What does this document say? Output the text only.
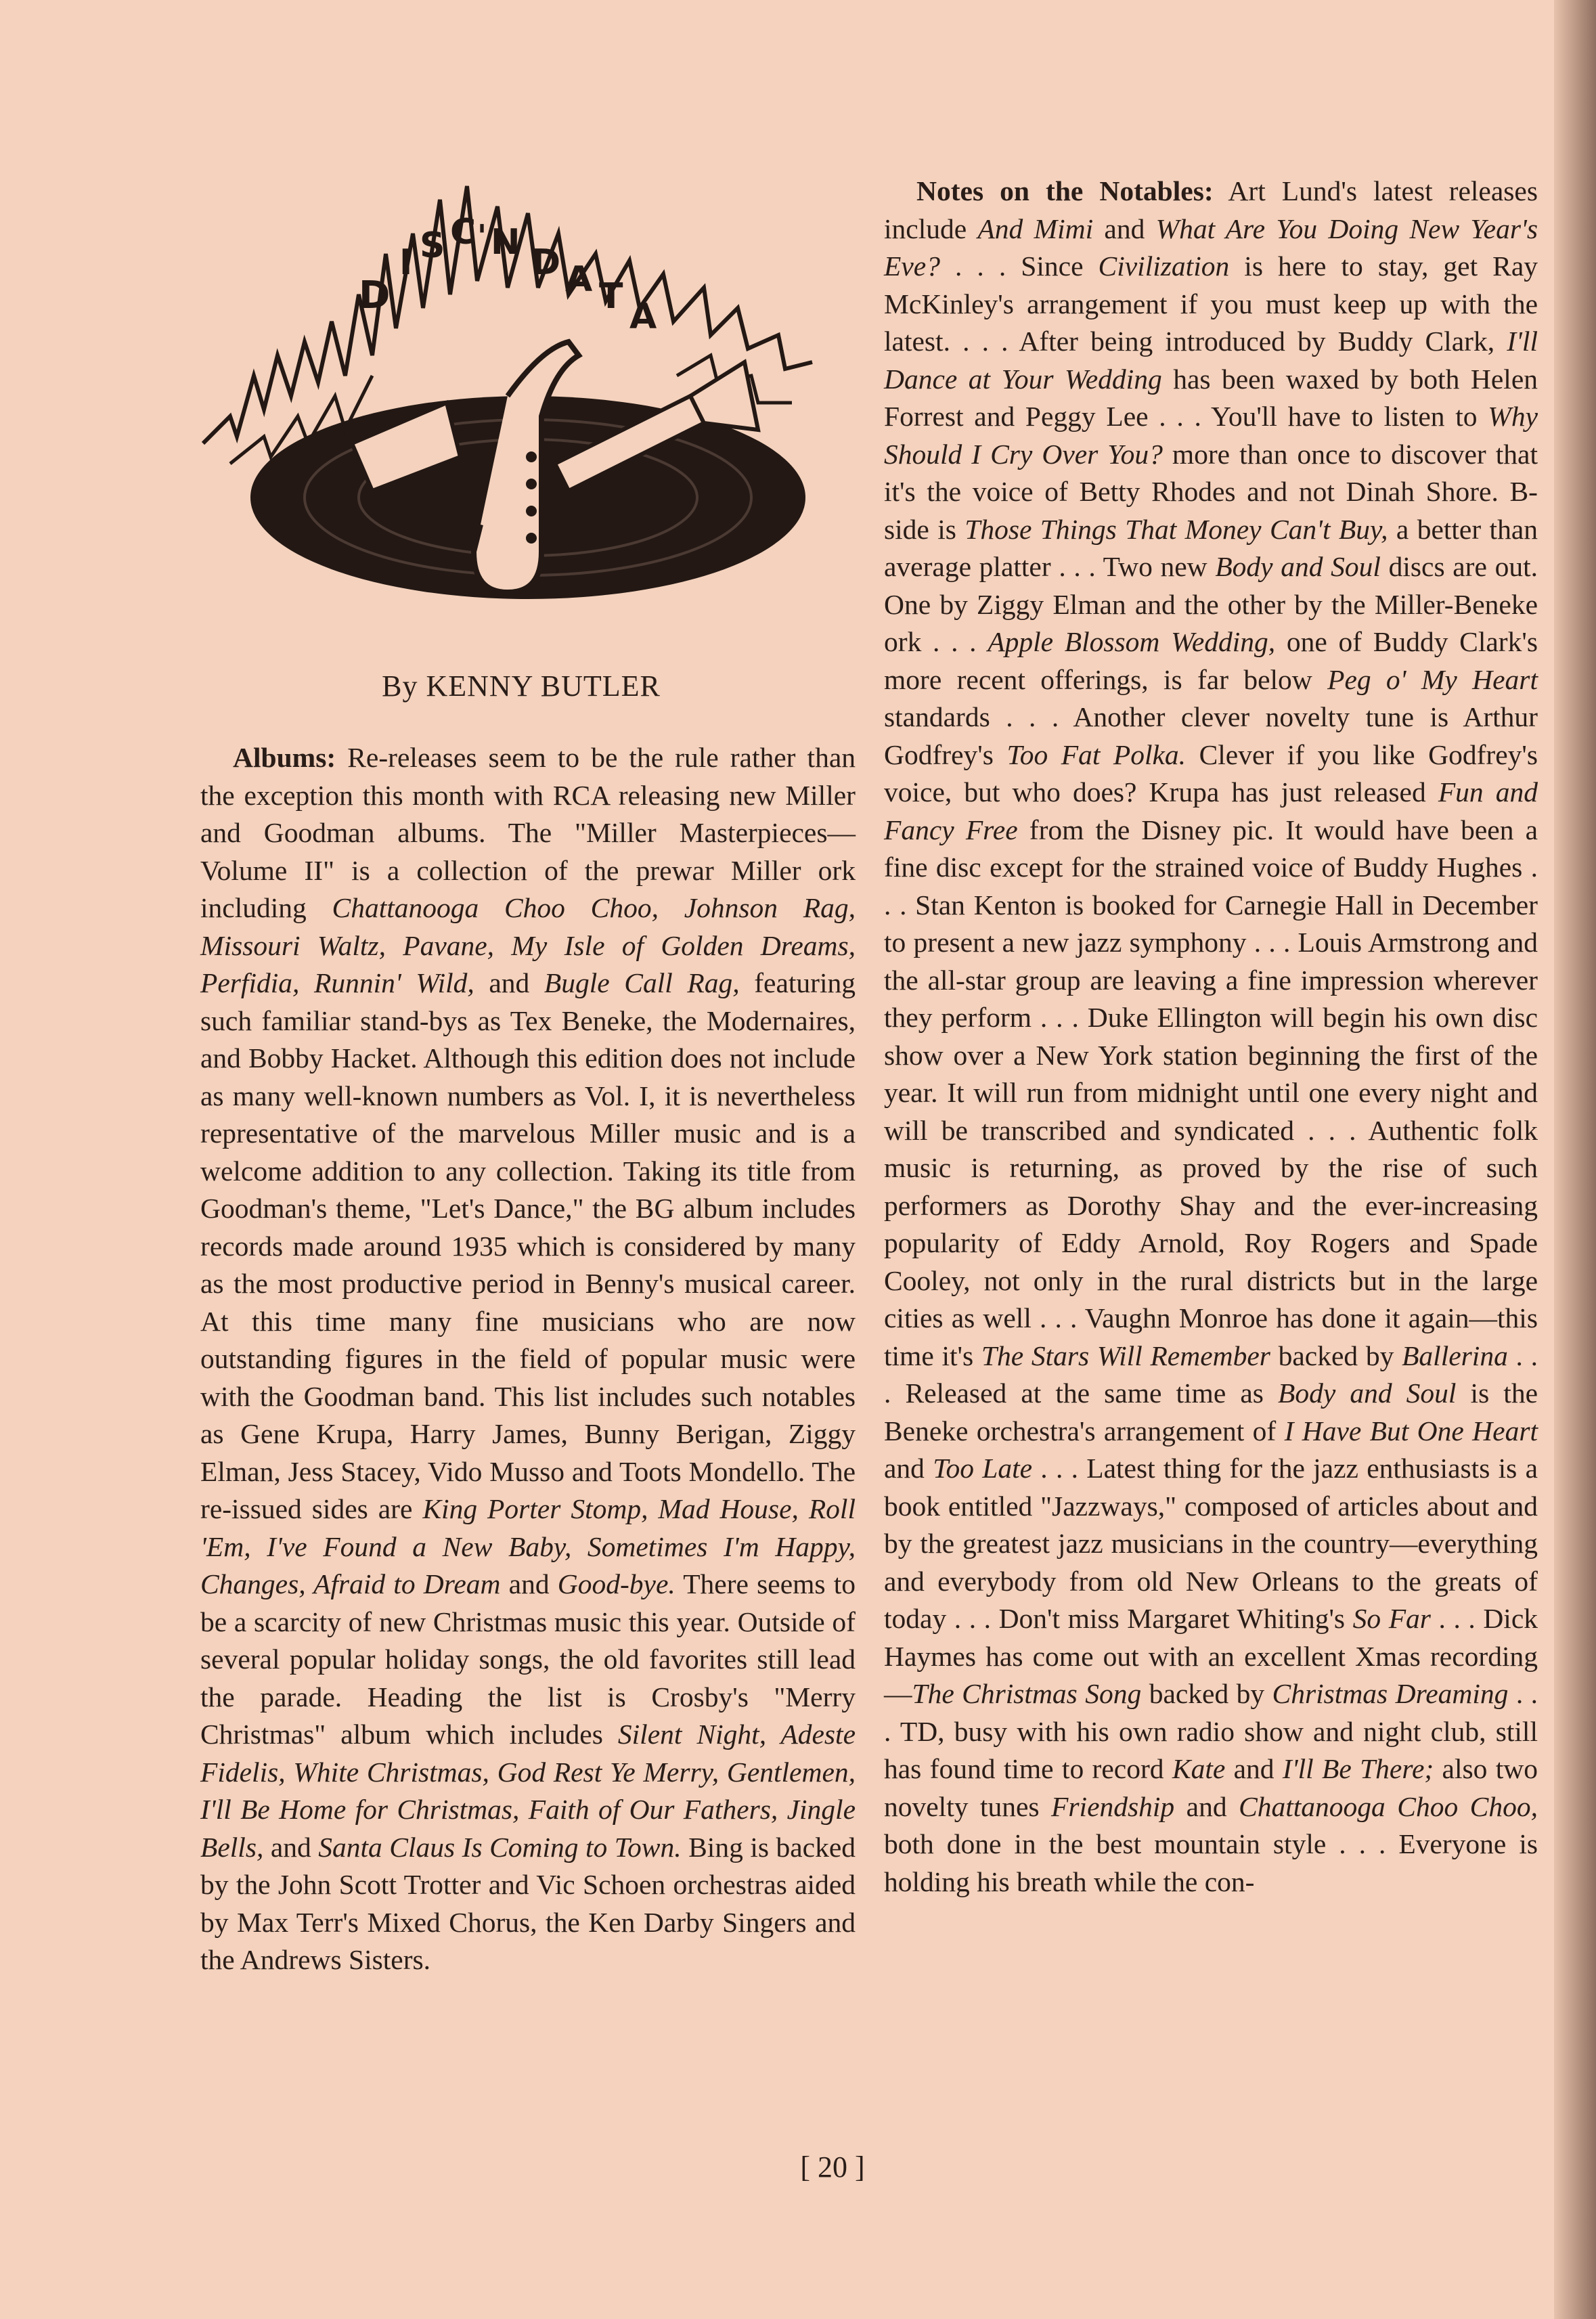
D
I S C ' N D A T A
By KENNY BUTLER

Albums: Re-releases seem to be the rule rather than the exception this month with RCA releasing new Miller and Goodman albums. The "Miller Masterpieces—Volume II" is a collection of the prewar Miller ork including Chattanooga Choo Choo, Johnson Rag, Missouri Waltz, Pavane, My Isle of Golden Dreams, Perfidia, Runnin' Wild, and Bugle Call Rag, featuring such familiar stand-bys as Tex Beneke, the Modernaires, and Bobby Hacket. Although this edition does not include as many well-known numbers as Vol. I, it is nevertheless representative of the marvelous Miller music and is a welcome addition to any collection. Taking its title from Goodman's theme, "Let's Dance," the BG album includes records made around 1935 which is considered by many as the most productive period in Benny's musical career. At this time many fine musicians who are now outstanding figures in the field of popular music were with the Goodman band. This list includes such notables as Gene Krupa, Harry James, Bunny Berigan, Ziggy Elman, Jess Stacey, Vido Musso and Toots Mondello. The re-issued sides are King Porter Stomp, Mad House, Roll 'Em, I've Found a New Baby, Sometimes I'm Happy, Changes, Afraid to Dream and Good-bye. There seems to be a scarcity of new Christmas music this year. Outside of several popular holiday songs, the old favorites still lead the parade. Heading the list is Crosby's "Merry Christmas" album which includes Silent Night, Adeste Fidelis, White Christmas, God Rest Ye Merry, Gentlemen, I'll Be Home for Christmas, Faith of Our Fathers, Jingle Bells, and Santa Claus Is Coming to Town. Bing is backed by the John Scott Trotter and Vic Schoen orchestras aided by Max Terr's Mixed Chorus, the Ken Darby Singers and the Andrews Sisters.

Notes on the Notables: Art Lund's latest releases include And Mimi and What Are You Doing New Year's Eve? . . . Since Civilization is here to stay, get Ray McKinley's arrangement if you must keep up with the latest. . . . After being introduced by Buddy Clark, I'll Dance at Your Wedding has been waxed by both Helen Forrest and Peggy Lee . . . You'll have to listen to Why Should I Cry Over You? more than once to discover that it's the voice of Betty Rhodes and not Dinah Shore. B-side is Those Things That Money Can't Buy, a better than average platter . . . Two new Body and Soul discs are out. One by Ziggy Elman and the other by the Miller-Beneke ork . . . Apple Blossom Wedding, one of Buddy Clark's more recent offerings, is far below Peg o' My Heart standards . . . Another clever novelty tune is Arthur Godfrey's Too Fat Polka. Clever if you like Godfrey's voice, but who does? Krupa has just released Fun and Fancy Free from the Disney pic. It would have been a fine disc except for the strained voice of Buddy Hughes . . . Stan Kenton is booked for Carnegie Hall in December to present a new jazz symphony . . . Louis Armstrong and the all-star group are leaving a fine impression wherever they perform . . . Duke Ellington will begin his own disc show over a New York station beginning the first of the year. It will run from midnight until one every night and will be transcribed and syndicated . . . Authentic folk music is returning, as proved by the rise of such performers as Dorothy Shay and the ever-increasing popularity of Eddy Arnold, Roy Rogers and Spade Cooley, not only in the rural districts but in the large cities as well . . . Vaughn Monroe has done it again—this time it's The Stars Will Remember backed by Ballerina . . . Released at the same time as Body and Soul is the Beneke orchestra's arrangement of I Have But One Heart and Too Late . . . Latest thing for the jazz enthusiasts is a book entitled "Jazzways," composed of articles about and by the greatest jazz musicians in the country—everything and everybody from old New Orleans to the greats of today . . . Don't miss Margaret Whiting's So Far . . . Dick Haymes has come out with an excellent Xmas recording—The Christmas Song backed by Christmas Dreaming . . . TD, busy with his own radio show and night club, still has found time to record Kate and I'll Be There; also two novelty tunes Friendship and Chattanooga Choo Choo, both done in the best mountain style . . . Everyone is holding his breath while the con-

[ 20 ]
